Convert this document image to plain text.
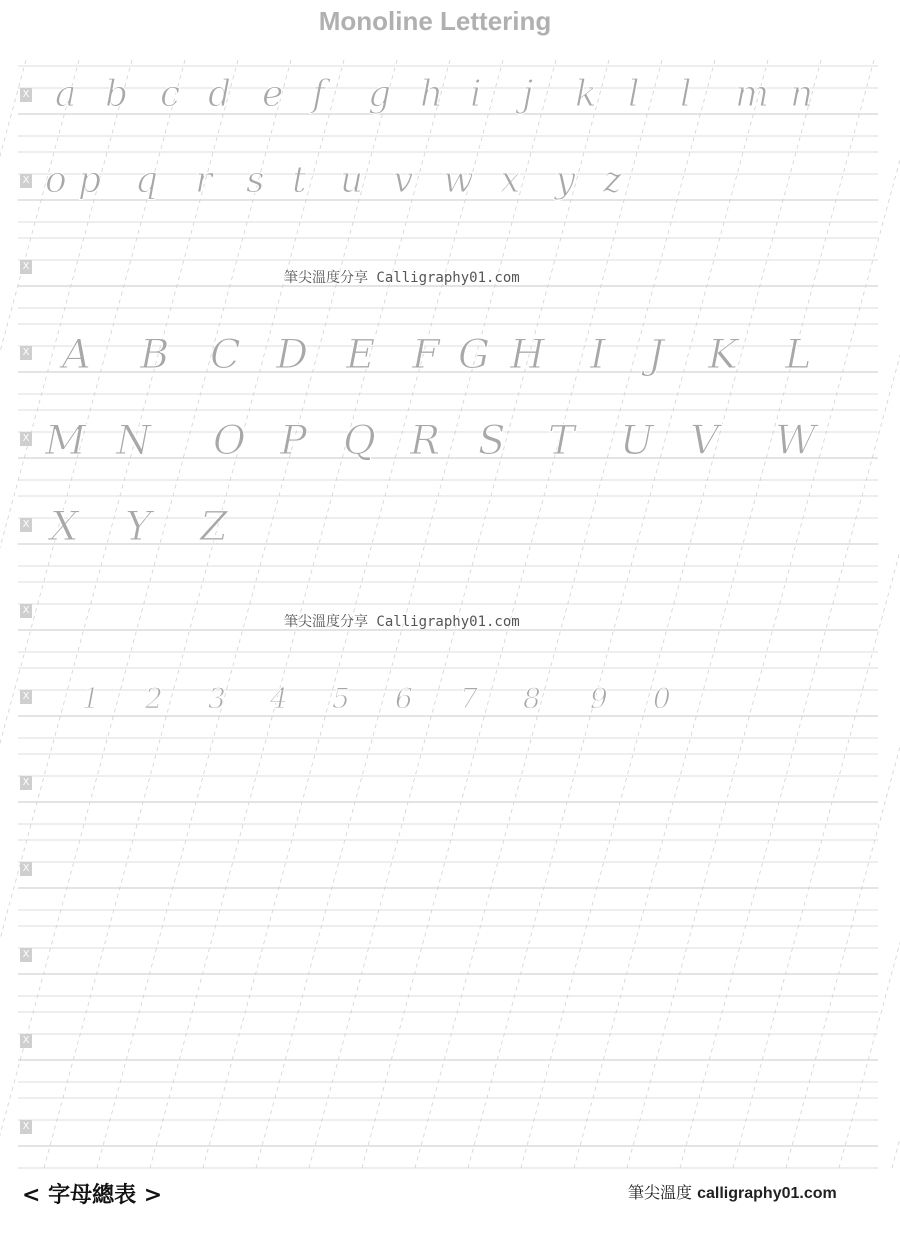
Monoline Lettering
X a b c d e f g h i j k l l m n
X o p q r s t u v w x y z
X
筆尖溫度分享 Calligraphy01.com
X A B C D E F G H I J K L
X M N O P Q R S T U V W
X X Y Z
X
筆尖溫度分享 Calligraphy01.com
X 1 2 3 4 5 6 7 8 9 0
X
X
X
X
X
< 字母總表 >	筆尖溫度 calligraphy01.com
